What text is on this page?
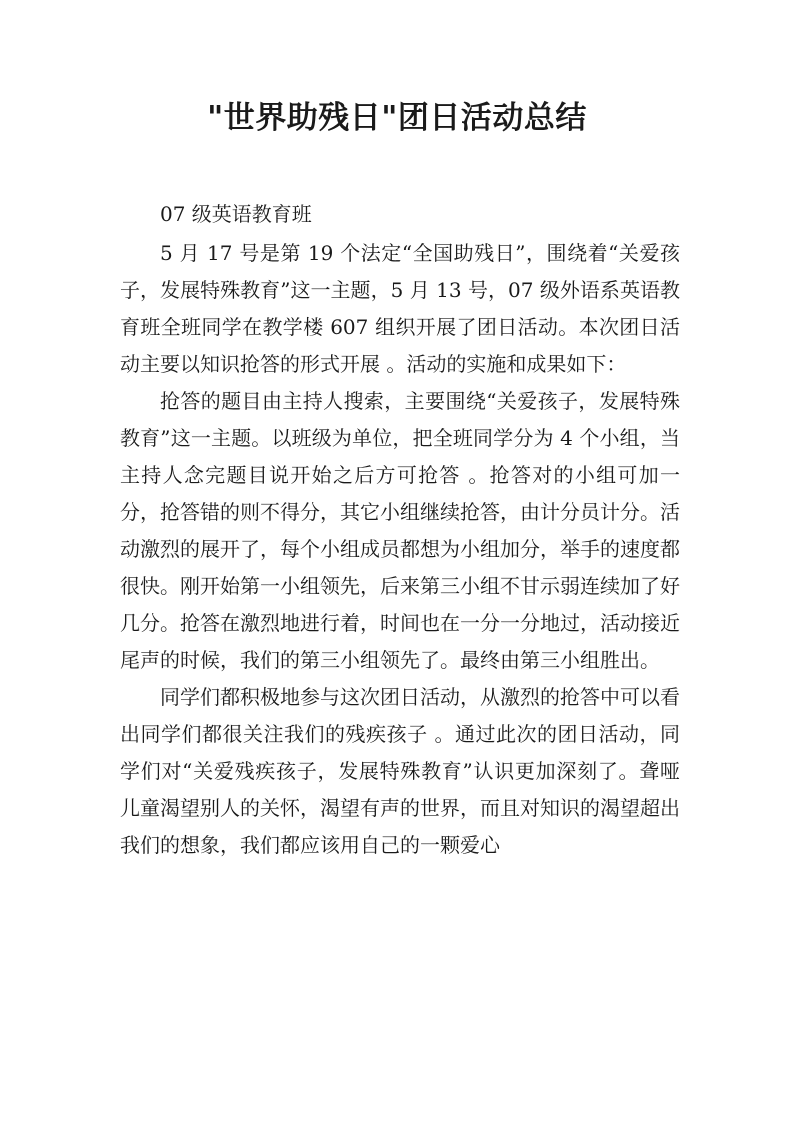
"世界助残日"团日活动总结

07 级英语教育班

5 月 17 号是第 19 个法定“全国助残日”，围绕着“关爱孩子，发展特殊教育”这一主题，5 月 13 号，07 级外语系英语教育班全班同学在教学楼 607 组织开展了团日活动。本次团日活动主要以知识抢答的形式开展 。活动的实施和成果如下：

抢答的题目由主持人搜索，主要围绕“关爱孩子，发展特殊教育”这一主题。以班级为单位，把全班同学分为 4 个小组，当主持人念完题目说开始之后方可抢答 。抢答对的小组可加一分，抢答错的则不得分，其它小组继续抢答，由计分员计分。活动激烈的展开了，每个小组成员都想为小组加分，举手的速度都很快。刚开始第一小组领先，后来第三小组不甘示弱连续加了好几分。抢答在激烈地进行着，时间也在一分一分地过，活动接近尾声的时候，我们的第三小组领先了。最终由第三小组胜出。

同学们都积极地参与这次团日活动，从激烈的抢答中可以看出同学们都很关注我们的残疾孩子 。通过此次的团日活动，同学们对“关爱残疾孩子，发展特殊教育”认识更加深刻了。聋哑儿童渴望别人的关怀，渴望有声的世界，而且对知识的渴望超出我们的想象，我们都应该用自己的一颗爱心
